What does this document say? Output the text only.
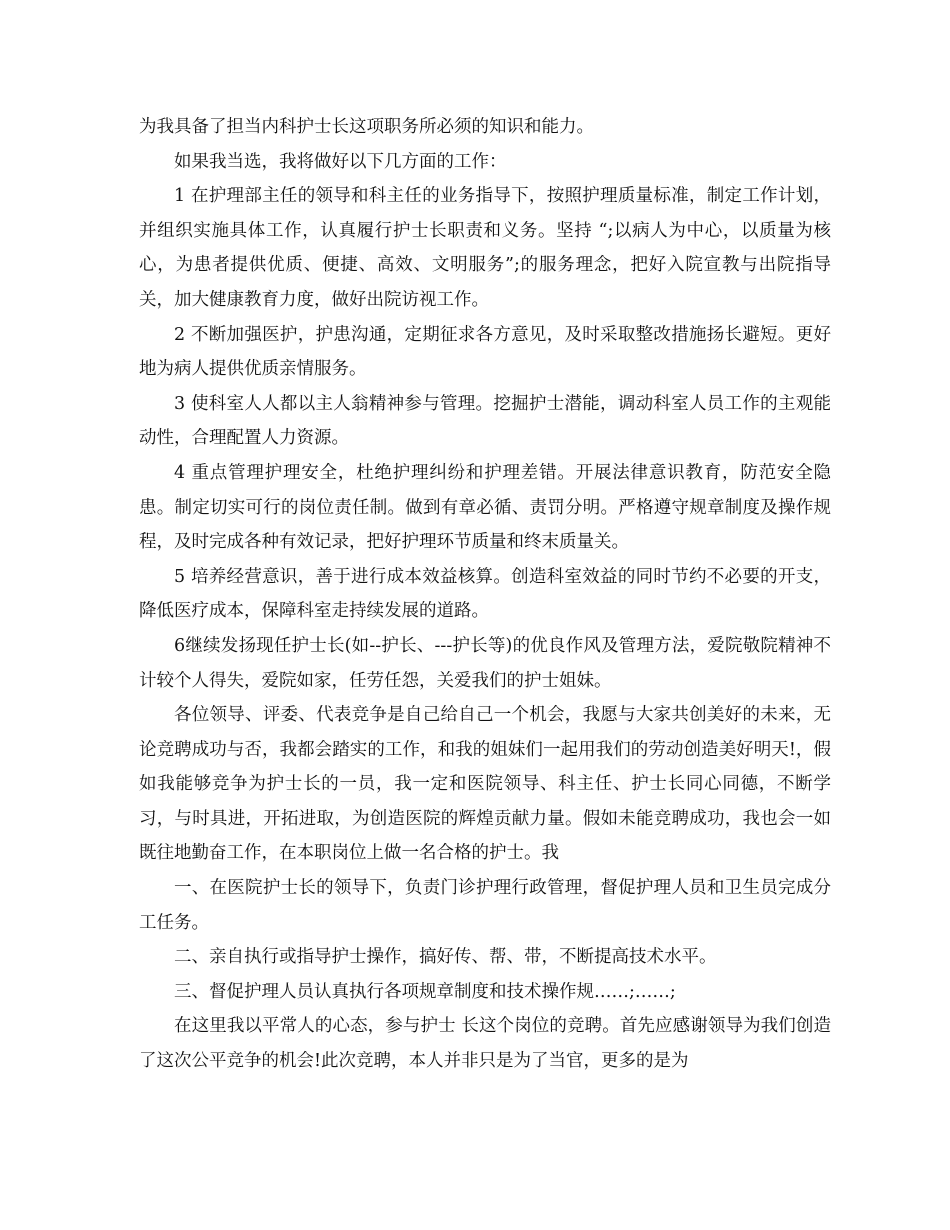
为我具备了担当内科护士长这项职务所必须的知识和能力。

如果我当选，我将做好以下几方面的工作：

1 在护理部主任的领导和科主任的业务指导下，按照护理质量标准，制定工作计划，并组织实施具体工作，认真履行护士长职责和义务。坚持 “;以病人为中心，以质量为核心，为患者提供优质、便捷、高效、文明服务”;的服务理念，把好入院宣教与出院指导关，加大健康教育力度，做好出院访视工作。

2 不断加强医护，护患沟通，定期征求各方意见，及时采取整改措施扬长避短。更好地为病人提供优质亲情服务。

3 使科室人人都以主人翁精神参与管理。挖掘护士潜能，调动科室人员工作的主观能动性，合理配置人力资源。

4 重点管理护理安全，杜绝护理纠纷和护理差错。开展法律意识教育，防范安全隐患。制定切实可行的岗位责任制。做到有章必循、责罚分明。严格遵守规章制度及操作规程，及时完成各种有效记录，把好护理环节质量和终末质量关。

5 培养经营意识，善于进行成本效益核算。创造科室效益的同时节约不必要的开支，降低医疗成本，保障科室走持续发展的道路。

6继续发扬现任护士长(如--护长、---护长等)的优良作风及管理方法，爱院敬院精神不计较个人得失，爱院如家，任劳任怨，关爱我们的护士姐妹。

各位领导、评委、代表竞争是自己给自己一个机会，我愿与大家共创美好的未来，无论竞聘成功与否，我都会踏实的工作，和我的姐妹们一起用我们的劳动创造美好明天!，假如我能够竞争为护士长的一员，我一定和医院领导、科主任、护士长同心同德，不断学习，与时具进，开拓进取，为创造医院的辉煌贡献力量。假如未能竞聘成功，我也会一如既往地勤奋工作，在本职岗位上做一名合格的护士。我

一、在医院护士长的领导下，负责门诊护理行政管理，督促护理人员和卫生员完成分工任务。

二、亲自执行或指导护士操作，搞好传、帮、带，不断提高技术水平。

三、督促护理人员认真执行各项规章制度和技术操作规……;……;

在这里我以平常人的心态，参与护士 长这个岗位的竞聘。首先应感谢领导为我们创造了这次公平竞争的机会!此次竞聘，本人并非只是为了当官，更多的是为
